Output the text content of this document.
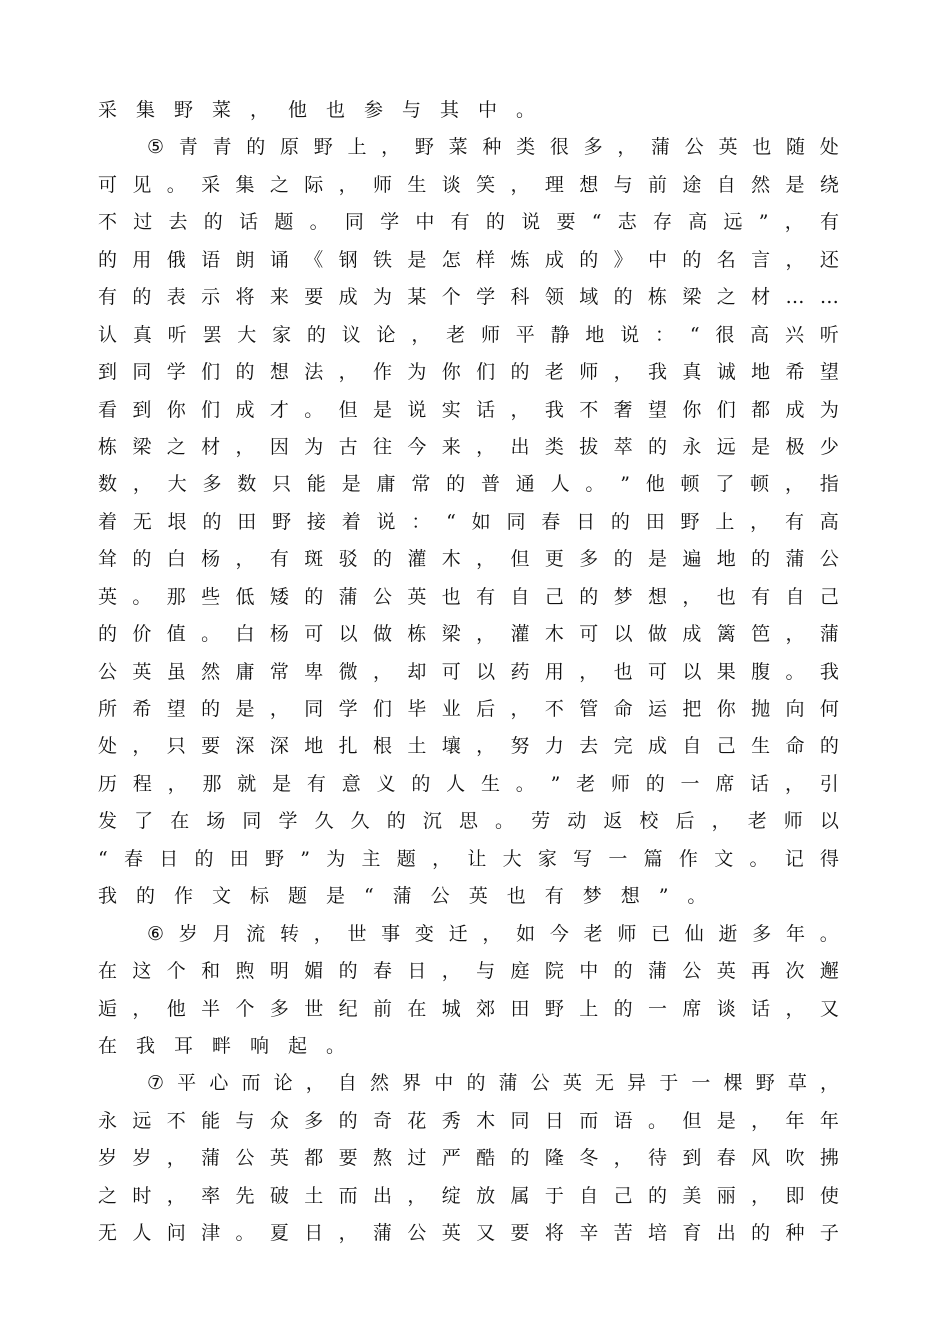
采集野菜，他也参与其中。
⑤ 青 青 的 原 野 上 ， 野 菜 种 类 很 多 ， 蒲 公 英 也 随 处
可 见 。 采 集 之 际 ， 师 生 谈 笑 ， 理 想 与 前 途 自 然 是 绕
不 过 去 的 话 题 。 同 学 中 有 的 说 要 “ 志 存 高 远 ” ， 有
的 用 俄 语 朗 诵 《 钢 铁 是 怎 样 炼 成 的 》 中 的 名 言 ， 还
有 的 表 示 将 来 要 成 为 某 个 学 科 领 域 的 栋 梁 之 材 … …
认 真 听 罢 大 家 的 议 论 ， 老 师 平 静 地 说 ： “ 很 高 兴 听
到 同 学 们 的 想 法 ， 作 为 你 们 的 老 师 ， 我 真 诚 地 希 望
看 到 你 们 成 才 。 但 是 说 实 话 ， 我 不 奢 望 你 们 都 成 为
栋 梁 之 材 ， 因 为 古 往 今 来 ， 出 类 拔 萃 的 永 远 是 极 少
数 ， 大 多 数 只 能 是 庸 常 的 普 通 人 。 ” 他 顿 了 顿 ， 指
着 无 垠 的 田 野 接 着 说 ： “ 如 同 春 日 的 田 野 上 ， 有 高
耸 的 白 杨 ， 有 斑 驳 的 灌 木 ， 但 更 多 的 是 遍 地 的 蒲 公
英 。 那 些 低 矮 的 蒲 公 英 也 有 自 己 的 梦 想 ， 也 有 自 己
的 价 值 。 白 杨 可 以 做 栋 梁 ， 灌 木 可 以 做 成 篱 笆 ， 蒲
公 英 虽 然 庸 常 卑 微 ， 却 可 以 药 用 ， 也 可 以 果 腹 。 我
所 希 望 的 是 ， 同 学 们 毕 业 后 ， 不 管 命 运 把 你 抛 向 何
处 ， 只 要 深 深 地 扎 根 土 壤 ， 努 力 去 完 成 自 己 生 命 的
历 程 ， 那 就 是 有 意 义 的 人 生 。 ” 老 师 的 一 席 话 ， 引
发 了 在 场 同 学 久 久 的 沉 思 。 劳 动 返 校 后 ， 老 师 以
“ 春 日 的 田 野 ” 为 主 题 ， 让 大 家 写 一 篇 作 文 。 记 得
我的作文标题是“蒲公英也有梦想”。
⑥ 岁 月 流 转 ， 世 事 变 迁 ， 如 今 老 师 已 仙 逝 多 年 。
在 这 个 和 煦 明 媚 的 春 日 ， 与 庭 院 中 的 蒲 公 英 再 次 邂
逅 ， 他 半 个 多 世 纪 前 在 城 郊 田 野 上 的 一 席 谈 话 ， 又
在我耳畔响起。
⑦ 平 心 而 论 ， 自 然 界 中 的 蒲 公 英 无 异 于 一 棵 野 草 ，
永 远 不 能 与 众 多 的 奇 花 秀 木 同 日 而 语 。 但 是 ， 年 年
岁 岁 ， 蒲 公 英 都 要 熬 过 严 酷 的 隆 冬 ， 待 到 春 风 吹 拂
之 时 ， 率 先 破 土 而 出 ， 绽 放 属 于 自 己 的 美 丽 ， 即 使
无 人 问 津 。 夏 日 ， 蒲 公 英 又 要 将 辛 苦 培 育 出 的 种 子
